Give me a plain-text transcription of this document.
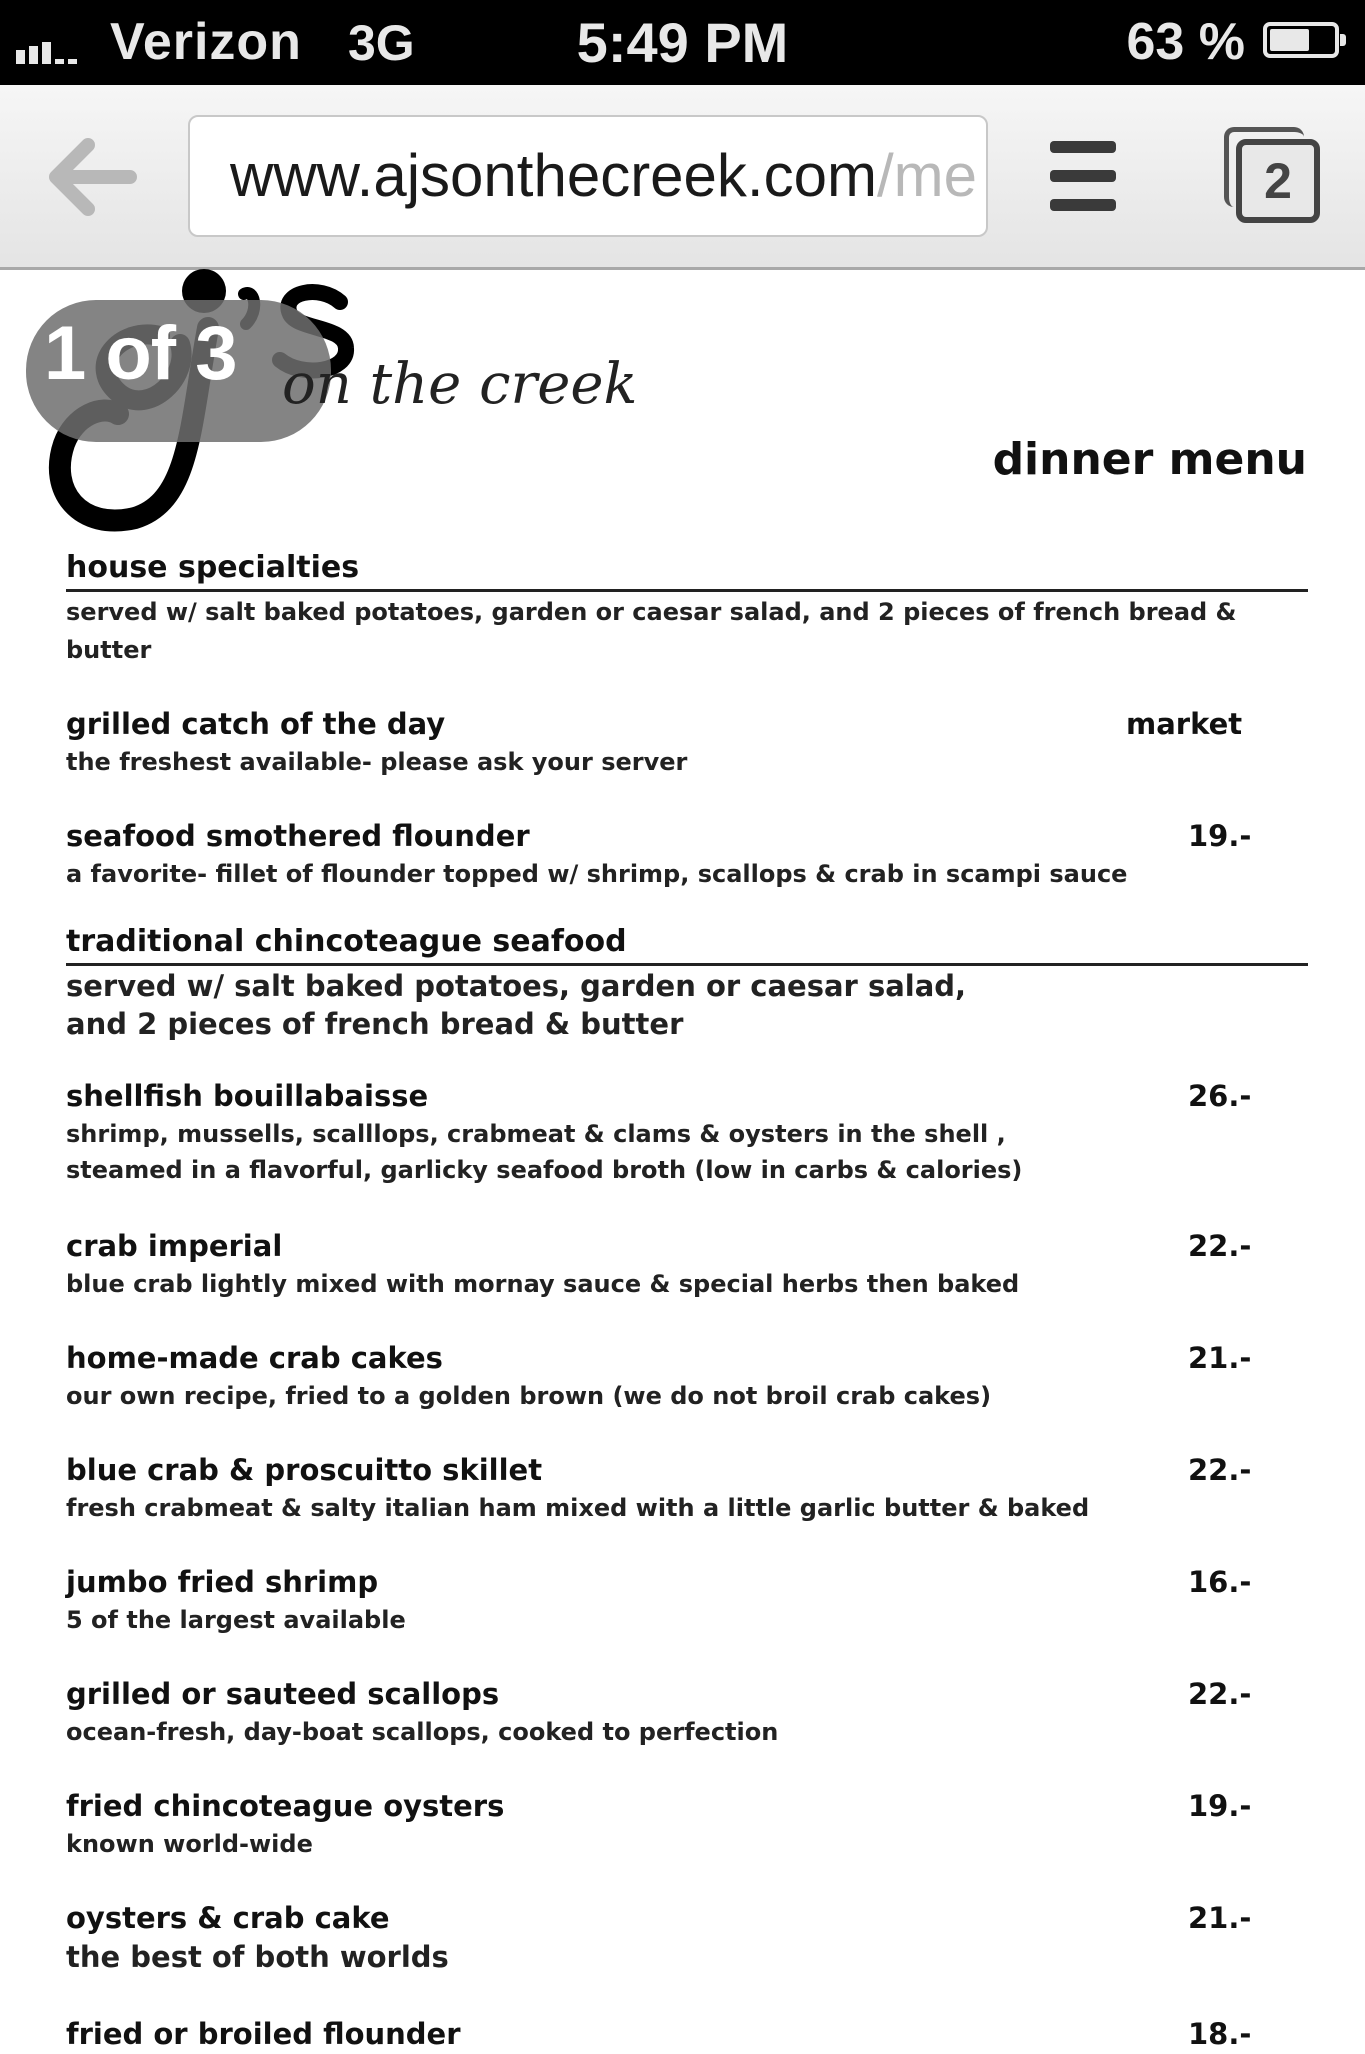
Verizon 3G	5:49 PM	63 %
www.ajsonthecreek.com/me	2
1 of 3 on the creek
dinner menu
house specialties
served w/ salt baked potatoes, garden or caesar salad, and 2 pieces of french bread & butter
grilled catch of the day
the freshest available- please ask your server
market
seafood smothered flounder
a favorite- fillet of flounder topped w/ shrimp, scallops & crab in scampi sauce
19.-
traditional chincoteague seafood
served w/ salt baked potatoes, garden or caesar salad,
and 2 pieces of french bread & butter
shellfish bouillabaisse
shrimp, mussells, scalllops, crabmeat & clams & oysters in the shell ,
steamed in a flavorful, garlicky seafood broth (low in carbs & calories)
26.-
crab imperial
blue crab lightly mixed with mornay sauce & special herbs then baked
22.-
home-made crab cakes
our own recipe, fried to a golden brown (we do not broil crab cakes)
21.-
blue crab & proscuitto skillet
fresh crabmeat & salty italian ham mixed with a little garlic butter & baked
22.-
jumbo fried shrimp
5 of the largest available
16.-
grilled or sauteed scallops
ocean-fresh, day-boat scallops, cooked to perfection
22.-
fried chincoteague oysters
known world-wide
19.-
oysters & crab cake
the best of both worlds
21.-
fried or broiled flounder	18.-
